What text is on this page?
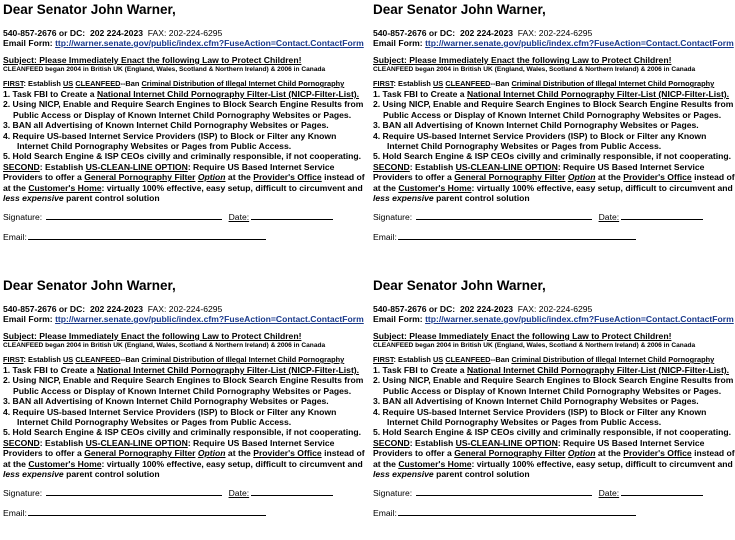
Dear Senator John Warner,
540-857-2676 or DC: 202 224-2023 FAX: 202-224-6295
Email Form: ttp://warner.senate.gov/public/index.cfm?FuseAction=Contact.ContactForm
Subject: Please Immediately Enact the following Law to Protect Children!
CLEANFEED began 2004 in British UK (England, Wales, Scotland & Northern Ireland) & 2006 in Canada
FIRST: Establish US CLEANFEED--Ban Criminal Distribution of Illegal Internet Child Pornography
1. Task FBI to Create a National Internet Child Pornography Filter-List (NICP-Filter-List).
2. Using NICP, Enable and Require Search Engines to Block Search Engine Results from
Public Access or Display of Known Internet Child Pornography Websites or Pages.
3. BAN all Advertising of Known Internet Child Pornography Websites or Pages.
4. Require US-based Internet Service Providers (ISP) to Block or Filter any Known
Internet Child Pornography Websites or Pages from Public Access.
5. Hold Search Engine & ISP CEOs civilly and criminally responsible, if not cooperating.
SECOND: Establish US-CLEAN-LINE OPTION: Require US Based Internet Service
Providers to offer a General Pornography Filter Option at the Provider's Office instead of
at the Customer's Home: virtually 100% effective, easy setup, difficult to circumvent and
less expensive parent control solution
Signature:	Date:
Email:
Dear Senator John Warner,
540-857-2676 or DC: 202 224-2023 FAX: 202-224-6295
Email Form: ttp://warner.senate.gov/public/index.cfm?FuseAction=Contact.ContactForm
Subject: Please Immediately Enact the following Law to Protect Children!
CLEANFEED began 2004 in British UK (England, Wales, Scotland & Northern Ireland) & 2006 in Canada
FIRST: Establish US CLEANFEED--Ban Criminal Distribution of Illegal Internet Child Pornography
1. Task FBI to Create a National Internet Child Pornography Filter-List (NICP-Filter-List).
2. Using NICP, Enable and Require Search Engines to Block Search Engine Results from
Public Access or Display of Known Internet Child Pornography Websites or Pages.
3. BAN all Advertising of Known Internet Child Pornography Websites or Pages.
4. Require US-based Internet Service Providers (ISP) to Block or Filter any Known
Internet Child Pornography Websites or Pages from Public Access.
5. Hold Search Engine & ISP CEOs civilly and criminally responsible, if not cooperating.
SECOND: Establish US-CLEAN-LINE OPTION: Require US Based Internet Service
Providers to offer a General Pornography Filter Option at the Provider's Office instead of
at the Customer's Home: virtually 100% effective, easy setup, difficult to circumvent and
less expensive parent control solution
Signature:	Date:
Email:
Dear Senator John Warner,
540-857-2676 or DC: 202 224-2023 FAX: 202-224-6295
Email Form: ttp://warner.senate.gov/public/index.cfm?FuseAction=Contact.ContactForm
Subject: Please Immediately Enact the following Law to Protect Children!
CLEANFEED began 2004 in British UK (England, Wales, Scotland & Northern Ireland) & 2006 in Canada
FIRST: Establish US CLEANFEED--Ban Criminal Distribution of Illegal Internet Child Pornography
1. Task FBI to Create a National Internet Child Pornography Filter-List (NICP-Filter-List).
2. Using NICP, Enable and Require Search Engines to Block Search Engine Results from
Public Access or Display of Known Internet Child Pornography Websites or Pages.
3. BAN all Advertising of Known Internet Child Pornography Websites or Pages.
4. Require US-based Internet Service Providers (ISP) to Block or Filter any Known
Internet Child Pornography Websites or Pages from Public Access.
5. Hold Search Engine & ISP CEOs civilly and criminally responsible, if not cooperating.
SECOND: Establish US-CLEAN-LINE OPTION: Require US Based Internet Service
Providers to offer a General Pornography Filter Option at the Provider's Office instead of
at the Customer's Home: virtually 100% effective, easy setup, difficult to circumvent and
less expensive parent control solution
Signature:	Date:
Email:
Dear Senator John Warner,
540-857-2676 or DC: 202 224-2023 FAX: 202-224-6295
Email Form: ttp://warner.senate.gov/public/index.cfm?FuseAction=Contact.ContactForm
Subject: Please Immediately Enact the following Law to Protect Children!
CLEANFEED began 2004 in British UK (England, Wales, Scotland & Northern Ireland) & 2006 in Canada
FIRST: Establish US CLEANFEED--Ban Criminal Distribution of Illegal Internet Child Pornography
1. Task FBI to Create a National Internet Child Pornography Filter-List (NICP-Filter-List).
2. Using NICP, Enable and Require Search Engines to Block Search Engine Results from
Public Access or Display of Known Internet Child Pornography Websites or Pages.
3. BAN all Advertising of Known Internet Child Pornography Websites or Pages.
4. Require US-based Internet Service Providers (ISP) to Block or Filter any Known
Internet Child Pornography Websites or Pages from Public Access.
5. Hold Search Engine & ISP CEOs civilly and criminally responsible, if not cooperating.
SECOND: Establish US-CLEAN-LINE OPTION: Require US Based Internet Service
Providers to offer a General Pornography Filter Option at the Provider's Office instead of
at the Customer's Home: virtually 100% effective, easy setup, difficult to circumvent and
less expensive parent control solution
Signature:	Date:
Email:
